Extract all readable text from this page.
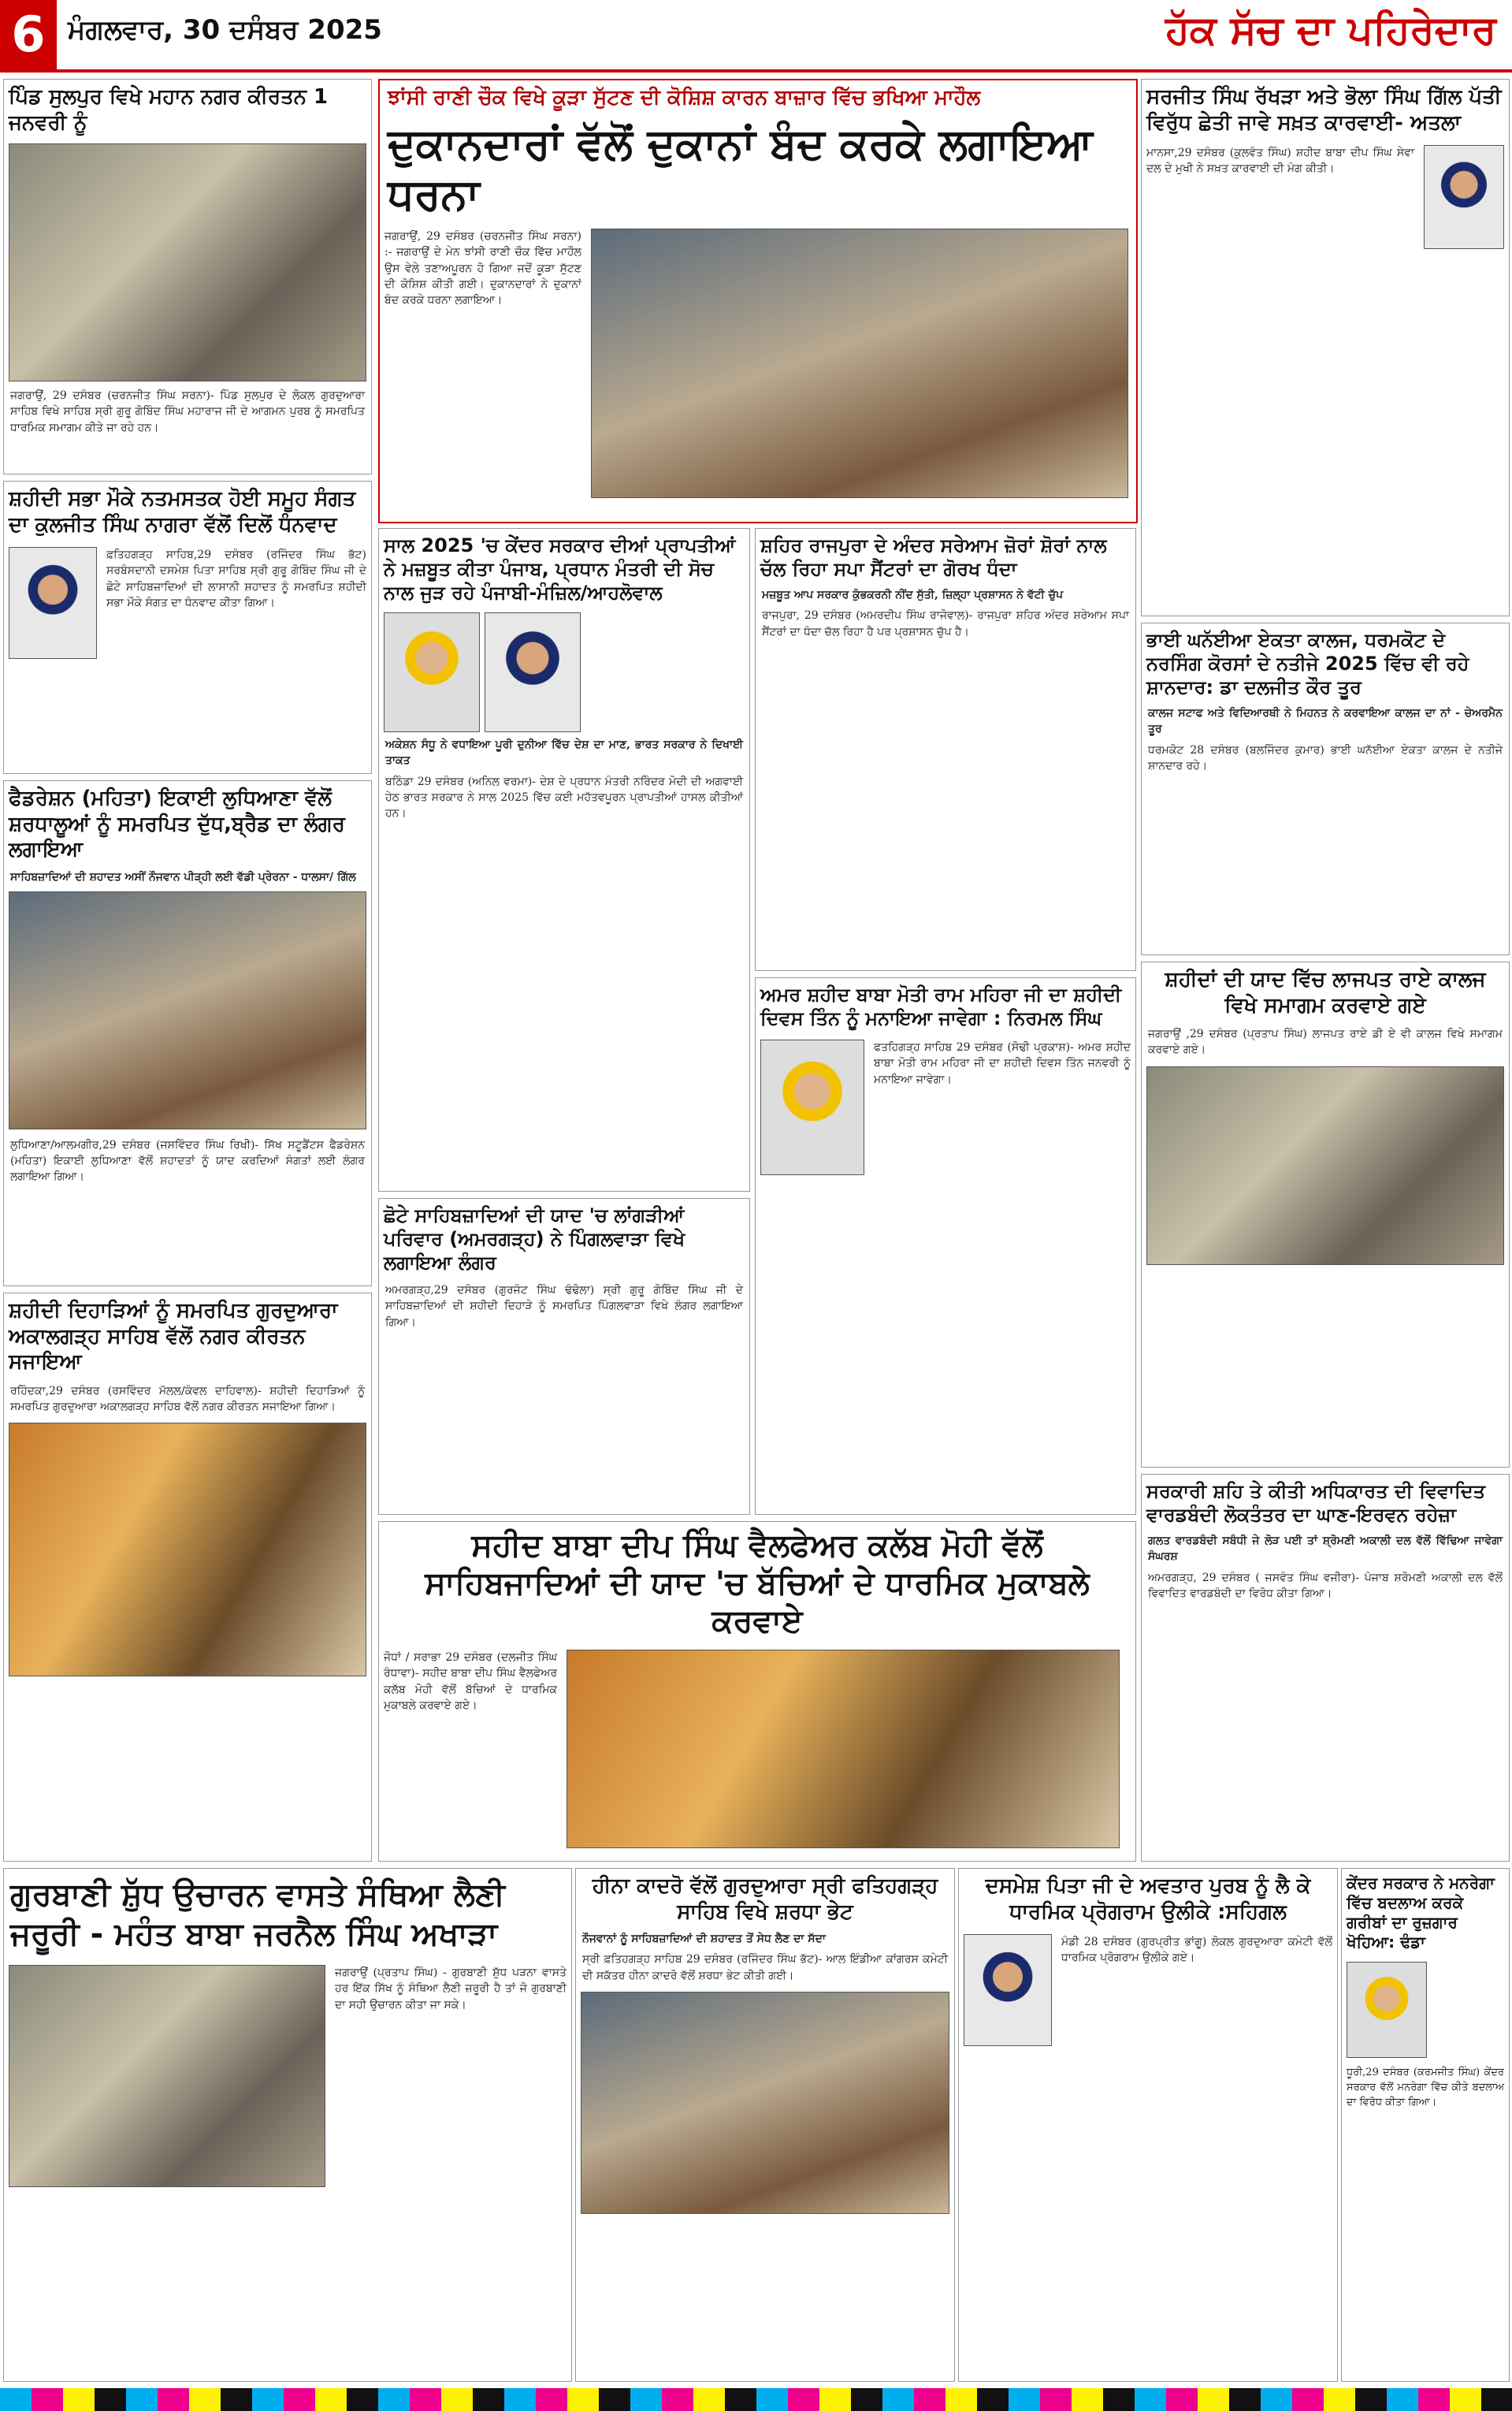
6 ਮੰਗਲਵਾਰ, 30 ਦਸੰਬਰ 2025	ਹੱਕ ਸੱਚ ਦਾ ਪਹਿਰੇਦਾਰ
ਪਿੰਡ ਸੁਲਪੁਰ ਵਿਖੇ ਮਹਾਨ ਨਗਰ ਕੀਰਤਨ 1 ਜਨਵਰੀ ਨੂੰ
ਜਗਰਾਉਂ, 29 ਦਸੰਬਰ (ਚਰਨਜੀਤ ਸਿੰਘ ਸਰਨਾ)- ਪਿੰਡ ਸੁਲਪੁਰ ਦੇ ਲੋਕਲ ਗੁਰਦੁਆਰਾ ਸਾਹਿਬ ਵਿਖੇ ਸਾਹਿਬ ਸ੍ਰੀ ਗੁਰੂ ਗੋਬਿੰਦ ਸਿੰਘ ਮਹਾਰਾਜ ਜੀ ਦੇ ਆਗਮਨ ਪੁਰਬ ਨੂੰ ਸਮਰਪਿਤ ਧਾਰਮਿਕ ਸਮਾਗਮ ਕੀਤੇ ਜਾ ਰਹੇ ਹਨ।
ਸ਼ਹੀਦੀ ਸਭਾ ਮੌਕੇ ਨਤਮਸਤਕ ਹੋਈ ਸਮੂਹ ਸੰਗਤ ਦਾ ਕੁਲਜੀਤ ਸਿੰਘ ਨਾਗਰਾ ਵੱਲੋਂ ਦਿਲੋਂ ਧੰਨਵਾਦ
ਫ਼ਤਿਹਗੜ੍ਹ ਸਾਹਿਬ,29 ਦਸੰਬਰ (ਰਜਿੰਦਰ ਸਿੰਘ ਭੱਟ) ਸਰਬੰਸਦਾਨੀ ਦਸਮੇਸ਼ ਪਿਤਾ ਸਾਹਿਬ ਸ੍ਰੀ ਗੁਰੂ ਗੋਬਿੰਦ ਸਿੰਘ ਜੀ ਦੇ ਛੋਟੇ ਸਾਹਿਬਜ਼ਾਦਿਆਂ ਦੀ ਲਾਸਾਨੀ ਸ਼ਹਾਦਤ ਨੂੰ ਸਮਰਪਿਤ ਸ਼ਹੀਦੀ ਸਭਾ ਮੌਕੇ ਸੰਗਤ ਦਾ ਧੰਨਵਾਦ ਕੀਤਾ ਗਿਆ।
ਫੈਡਰੇਸ਼ਨ (ਮਹਿਤਾ) ਇਕਾਈ ਲੁਧਿਆਣਾ ਵੱਲੋਂ ਸ਼ਰਧਾਲੂਆਂ ਨੂੰ ਸਮਰਪਿਤ ਦੁੱਧ,ਬ੍ਰੈਡ ਦਾ ਲੰਗਰ ਲਗਾਇਆ
ਸਾਹਿਬਜ਼ਾਦਿਆਂ ਦੀ ਸ਼ਹਾਦਤ ਅਸੀਂ ਨੌਜਵਾਨ ਪੀੜ੍ਹੀ ਲਈ ਵੱਡੀ ਪ੍ਰੇਰਨਾ - ਧਾਲਸਾ/ ਗਿੱਲ
ਲੁਧਿਆਣਾ/ਆਲਮਗੀਰ,29 ਦਸੰਬਰ (ਜਸਵਿੰਦਰ ਸਿੰਘ ਰਿਖੀ)- ਸਿੱਖ ਸਟੂਡੈਂਟਸ ਫੈਡਰੇਸ਼ਨ (ਮਹਿਤਾ) ਇਕਾਈ ਲੁਧਿਆਣਾ ਵੱਲੋਂ ਸ਼ਹਾਦਤਾਂ ਨੂੰ ਯਾਦ ਕਰਦਿਆਂ ਸੰਗਤਾਂ ਲਈ ਲੰਗਰ ਲਗਾਇਆ ਗਿਆ।
ਸ਼ਹੀਦੀ ਦਿਹਾੜਿਆਂ ਨੂੰ ਸਮਰਪਿਤ ਗੁਰਦੁਆਰਾ ਅਕਾਲਗੜ੍ਹ ਸਾਹਿਬ ਵੱਲੋਂ ਨਗਰ ਕੀਰਤਨ ਸਜਾਇਆ
ਰਹਿੰਦਕਾ,29 ਦਸੰਬਰ (ਰਸਵਿੰਦਰ ਮੱਲਲ/ਕੰਵਲ ਦਾਹਿਵਾਲ)- ਸ਼ਹੀਦੀ ਦਿਹਾੜਿਆਂ ਨੂੰ ਸਮਰਪਿਤ ਗੁਰਦੁਆਰਾ ਅਕਾਲਗੜ੍ਹ ਸਾਹਿਬ ਵੱਲੋਂ ਨਗਰ ਕੀਰਤਨ ਸਜਾਇਆ ਗਿਆ।
ਗੁਰਬਾਣੀ ਸ਼ੁੱਧ ਉਚਾਰਨ ਵਾਸਤੇ ਸੰਥਿਆ ਲੈਣੀ ਜਰੂਰੀ - ਮਹੰਤ ਬਾਬਾ ਜਰਨੈਲ ਸਿੰਘ ਅਖਾੜਾ
ਜਗਰਾਉਂ (ਪ੍ਰਤਾਪ ਸਿੰਘ) - ਗੁਰਬਾਣੀ ਸ਼ੁੱਧ ਪੜਨਾ ਵਾਸਤੇ ਹਰ ਇੱਕ ਸਿੱਖ ਨੂੰ ਸੰਥਿਆ ਲੈਣੀ ਜ਼ਰੂਰੀ ਹੈ ਤਾਂ ਜੋ ਗੁਰਬਾਣੀ ਦਾ ਸਹੀ ਉਚਾਰਨ ਕੀਤਾ ਜਾ ਸਕੇ।
ਝਾਂਸੀ ਰਾਣੀ ਚੌਕ ਵਿਖੇ ਕੂੜਾ ਸੁੱਟਣ ਦੀ ਕੋਸ਼ਿਸ਼ ਕਾਰਨ ਬਾਜ਼ਾਰ ਵਿੱਚ ਭਖਿਆ ਮਾਹੌਲ
ਦੁਕਾਨਦਾਰਾਂ ਵੱਲੋਂ ਦੁਕਾਨਾਂ ਬੰਦ ਕਰਕੇ ਲਗਾਇਆ ਧਰਨਾ
ਜਗਰਾਉਂ, 29 ਦਸੰਬਰ (ਚਰਨਜੀਤ ਸਿੰਘ ਸਰਨਾ) :- ਜਗਰਾਉਂ ਦੇ ਮੇਨ ਝਾਂਸੀ ਰਾਣੀ ਚੌਕ ਵਿੱਚ ਮਾਹੌਲ ਉਸ ਵੇਲੇ ਤਣਾਅਪੂਰਨ ਹੋ ਗਿਆ ਜਦੋਂ ਕੂੜਾ ਸੁੱਟਣ ਦੀ ਕੋਸ਼ਿਸ਼ ਕੀਤੀ ਗਈ। ਦੁਕਾਨਦਾਰਾਂ ਨੇ ਦੁਕਾਨਾਂ ਬੰਦ ਕਰਕੇ ਧਰਨਾ ਲਗਾਇਆ।
ਸਾਲ 2025 'ਚ ਕੇਂਦਰ ਸਰਕਾਰ ਦੀਆਂ ਪ੍ਰਾਪਤੀਆਂ ਨੇ ਮਜ਼ਬੂਤ ਕੀਤਾ ਪੰਜਾਬ, ਪ੍ਰਧਾਨ ਮੰਤਰੀ ਦੀ ਸੋਚ ਨਾਲ ਜੁੜ ਰਹੇ ਪੰਜਾਬੀ-ਮੰਜ਼ਿਲ/ਆਹਲੋਵਾਲ
ਅਕੇਸ਼ਨ ਸੰਧੂ ਨੇ ਵਧਾਇਆ ਪੂਰੀ ਦੁਨੀਆ ਵਿੱਚ ਦੇਸ਼ ਦਾ ਮਾਣ, ਭਾਰਤ ਸਰਕਾਰ ਨੇ ਦਿਖਾਈ ਤਾਕਤ
ਬਠਿੰਡਾ 29 ਦਸੰਬਰ (ਅਨਿਲ ਵਰਮਾ)- ਦੇਸ਼ ਦੇ ਪ੍ਰਧਾਨ ਮੰਤਰੀ ਨਰਿੰਦਰ ਮੋਦੀ ਦੀ ਅਗਵਾਈ ਹੇਠ ਭਾਰਤ ਸਰਕਾਰ ਨੇ ਸਾਲ 2025 ਵਿੱਚ ਕਈ ਮਹੱਤਵਪੂਰਨ ਪ੍ਰਾਪਤੀਆਂ ਹਾਸਲ ਕੀਤੀਆਂ ਹਨ।
ਸ਼ਹਿਰ ਰਾਜਪੁਰਾ ਦੇ ਅੰਦਰ ਸਰੇਆਮ ਜ਼ੋਰਾਂ ਸ਼ੋਰਾਂ ਨਾਲ ਚੱਲ ਰਿਹਾ ਸਪਾ ਸੈਂਟਰਾਂ ਦਾ ਗੋਰਖ ਧੰਦਾ
ਮਜ਼ਬੂਤ ਆਪ ਸਰਕਾਰ ਕੁੰਭਕਰਨੀ ਨੀਂਦ ਸੁੱਤੀ, ਜ਼ਿਲ੍ਹਾ ਪ੍ਰਸ਼ਾਸਨ ਨੇ ਵੱਟੀ ਚੁੱਪ
ਰਾਜਪੁਰਾ, 29 ਦਸੰਬਰ (ਅਮਰਦੀਪ ਸਿੰਘ ਰਾਜੋਵਾਲ)- ਰਾਜਪੁਰਾ ਸ਼ਹਿਰ ਅੰਦਰ ਸ਼ਰੇਆਮ ਸਪਾ ਸੈਂਟਰਾਂ ਦਾ ਧੰਦਾ ਚੱਲ ਰਿਹਾ ਹੈ ਪਰ ਪ੍ਰਸ਼ਾਸਨ ਚੁੱਪ ਹੈ।
ਛੋਟੇ ਸਾਹਿਬਜ਼ਾਦਿਆਂ ਦੀ ਯਾਦ 'ਚ ਲਾਂਗੜੀਆਂ ਪਰਿਵਾਰ (ਅਮਰਗੜ੍ਹ) ਨੇ ਪਿੰਗਲਵਾੜਾ ਵਿਖੇ ਲਗਾਇਆ ਲੰਗਰ
ਅਮਰਗੜ੍ਹ,29 ਦਸੰਬਰ (ਗੁਰਜੰਟ ਸਿੰਘ ਢੰਢੋਲਾ) ਸ੍ਰੀ ਗੁਰੂ ਗੋਬਿੰਦ ਸਿੰਘ ਜੀ ਦੇ ਸਾਹਿਬਜ਼ਾਦਿਆਂ ਦੀ ਸ਼ਹੀਦੀ ਦਿਹਾੜੇ ਨੂੰ ਸਮਰਪਿਤ ਪਿੰਗਲਵਾੜਾ ਵਿਖੇ ਲੰਗਰ ਲਗਾਇਆ ਗਿਆ।
ਅਮਰ ਸ਼ਹੀਦ ਬਾਬਾ ਮੋਤੀ ਰਾਮ ਮਹਿਰਾ ਜੀ ਦਾ ਸ਼ਹੀਦੀ ਦਿਵਸ ਤਿੰਨ ਨੂੰ ਮਨਾਇਆ ਜਾਵੇਗਾ : ਨਿਰਮਲ ਸਿੰਘ
ਫਤਹਿਗੜ੍ਹ ਸਾਹਿਬ 29 ਦਸੰਬਰ (ਸੋਢੀ ਪ੍ਰਕਾਸ਼)- ਅਮਰ ਸ਼ਹੀਦ ਬਾਬਾ ਮੋਤੀ ਰਾਮ ਮਹਿਰਾ ਜੀ ਦਾ ਸ਼ਹੀਦੀ ਦਿਵਸ ਤਿੰਨ ਜਨਵਰੀ ਨੂੰ ਮਨਾਇਆ ਜਾਵੇਗਾ।
ਸਹੀਦ ਬਾਬਾ ਦੀਪ ਸਿੰਘ ਵੈਲਫੇਅਰ ਕਲੱਬ ਮੋਹੀ ਵੱਲੋਂ ਸਾਹਿਬਜਾਦਿਆਂ ਦੀ ਯਾਦ 'ਚ ਬੱਚਿਆਂ ਦੇ ਧਾਰਮਿਕ ਮੁਕਾਬਲੇ ਕਰਵਾਏ
ਜੋਧਾਂ / ਸਰਾਭਾ 29 ਦਸੰਬਰ (ਦਲਜੀਤ ਸਿੰਘ ਰੰਧਾਵਾ)- ਸਹੀਦ ਬਾਬਾ ਦੀਪ ਸਿੰਘ ਵੈਲਫੇਅਰ ਕਲੱਬ ਮੋਹੀ ਵੱਲੋਂ ਬੱਚਿਆਂ ਦੇ ਧਾਰਮਿਕ ਮੁਕਾਬਲੇ ਕਰਵਾਏ ਗਏ।
ਹੀਨਾ ਕਾਦਰੋ ਵੱਲੋਂ ਗੁਰਦੁਆਰਾ ਸ੍ਰੀ ਫਤਿਹਗੜ੍ਹ ਸਾਹਿਬ ਵਿਖੇ ਸ਼ਰਧਾ ਭੇਟ
ਨੌਜਵਾਨਾਂ ਨੂੰ ਸਾਹਿਬਜ਼ਾਦਿਆਂ ਦੀ ਸ਼ਹਾਦਤ ਤੋਂ ਸੇਧ ਲੈਣ ਦਾ ਸੱਦਾ
ਸ੍ਰੀ ਫ਼ਤਿਹਗੜ੍ਹ ਸਾਹਿਬ 29 ਦਸੰਬਰ (ਰਜਿੰਦਰ ਸਿੰਘ ਭੱਟ)- ਆਲ ਇੰਡੀਆ ਕਾਂਗਰਸ ਕਮੇਟੀ ਦੀ ਸਕੱਤਰ ਹੀਨਾ ਕਾਦਰੋ ਵੱਲੋਂ ਸ਼ਰਧਾ ਭੇਟ ਕੀਤੀ ਗਈ।
ਦਸਮੇਸ਼ ਪਿਤਾ ਜੀ ਦੇ ਅਵਤਾਰ ਪੁਰਬ ਨੂੰ ਲੈ ਕੇ ਧਾਰਮਿਕ ਪ੍ਰੋਗਰਾਮ ਉਲੀਕੇ :ਸਹਿਗਲ
ਮੰਡੀ 28 ਦਸੰਬਰ (ਗੁਰਪ੍ਰੀਤ ਭਾਂਗੂ) ਲੋਕਲ ਗੁਰਦੁਆਰਾ ਕਮੇਟੀ ਵੱਲੋਂ ਧਾਰਮਿਕ ਪ੍ਰੋਗਰਾਮ ਉਲੀਕੇ ਗਏ।
ਸਰਜੀਤ ਸਿੰਘ ਰੱਖੜਾ ਅਤੇ ਭੋਲਾ ਸਿੰਘ ਗਿੱਲ ਪੱਤੀ ਵਿਰੁੱਧ ਛੇਤੀ ਜਾਵੇ ਸਖ਼ਤ ਕਾਰਵਾਈ- ਅਤਲਾ
ਮਾਨਸਾ,29 ਦਸੰਬਰ (ਕੁਲਵੰਤ ਸਿੰਘ) ਸ਼ਹੀਦ ਬਾਬਾ ਦੀਪ ਸਿੰਘ ਸੇਵਾ ਦਲ ਦੇ ਮੁਖੀ ਨੇ ਸਖ਼ਤ ਕਾਰਵਾਈ ਦੀ ਮੰਗ ਕੀਤੀ।
ਭਾਈ ਘਨੱਈਆ ਏਕਤਾ ਕਾਲਜ, ਧਰਮਕੋਟ ਦੇ ਨਰਸਿੰਗ ਕੋਰਸਾਂ ਦੇ ਨਤੀਜੇ 2025 ਵਿੱਚ ਵੀ ਰਹੇ ਸ਼ਾਨਦਾਰ: ਡਾ ਦਲਜੀਤ ਕੌਰ ਤੂਰ
ਕਾਲਜ ਸਟਾਫ ਅਤੇ ਵਿਦਿਆਰਥੀ ਨੇ ਮਿਹਨਤ ਨੇ ਕਰਵਾਇਆ ਕਾਲਜ ਦਾ ਨਾਂ - ਚੇਅਰਮੈਨ ਤੂਰ
ਧਰਮਕੋਟ 28 ਦਸੰਬਰ (ਬਲਜਿੰਦਰ ਕੁਮਾਰ) ਭਾਈ ਘਨੱਈਆ ਏਕਤਾ ਕਾਲਜ ਦੇ ਨਤੀਜੇ ਸ਼ਾਨਦਾਰ ਰਹੇ।
ਸ਼ਹੀਦਾਂ ਦੀ ਯਾਦ ਵਿੱਚ ਲਾਜਪਤ ਰਾਏ ਕਾਲਜ ਵਿਖੇ ਸਮਾਗਮ ਕਰਵਾਏ ਗਏ
ਜਗਰਾਉਂ ,29 ਦਸੰਬਰ (ਪ੍ਰਤਾਪ ਸਿੰਘ) ਲਾਜਪਤ ਰਾਏ ਡੀ ਏ ਵੀ ਕਾਲਜ ਵਿਖੇ ਸਮਾਗਮ ਕਰਵਾਏ ਗਏ।
ਸਰਕਾਰੀ ਸ਼ਹਿ ਤੇ ਕੀਤੀ ਅਧਿਕਾਰਤ ਦੀ ਵਿਵਾਦਿਤ ਵਾਰਡਬੰਦੀ ਲੋਕਤੰਤਰ ਦਾ ਘਾਣ-ਇਰਵਨ ਰਹੇਜ਼ਾ
ਗਲਤ ਵਾਰਡਬੰਦੀ ਸਬੰਧੀ ਜੇ ਲੋੜ ਪਈ ਤਾਂ ਸ਼੍ਰੋਮਣੀ ਅਕਾਲੀ ਦਲ ਵੱਲੋਂ ਵਿੱਢਿਆ ਜਾਵੇਗਾ ਸੰਘਰਸ਼
ਅਮਰਗੜ੍ਹ, 29 ਦਸੰਬਰ ( ਜਸਵੰਤ ਸਿੰਘ ਵਜੀਰਾ)- ਪੰਜਾਬ ਸ਼ਰੋਮਣੀ ਅਕਾਲੀ ਦਲ ਵੱਲੋਂ ਵਿਵਾਦਿਤ ਵਾਰਡਬੰਦੀ ਦਾ ਵਿਰੋਧ ਕੀਤਾ ਗਿਆ।
ਕੇਂਦਰ ਸਰਕਾਰ ਨੇ ਮਨਰੇਗਾ ਵਿੱਚ ਬਦਲਾਅ ਕਰਕੇ ਗਰੀਬਾਂ ਦਾ ਰੁਜ਼ਗਾਰ ਖੋਹਿਆ: ਢੰਡਾ
ਧੂਰੀ,29 ਦਸੰਬਰ (ਕਰਮਜੀਤ ਸਿੰਘ) ਕੇਂਦਰ ਸਰਕਾਰ ਵੱਲੋਂ ਮਨਰੇਗਾ ਵਿੱਚ ਕੀਤੇ ਬਦਲਾਅ ਦਾ ਵਿਰੋਧ ਕੀਤਾ ਗਿਆ।
